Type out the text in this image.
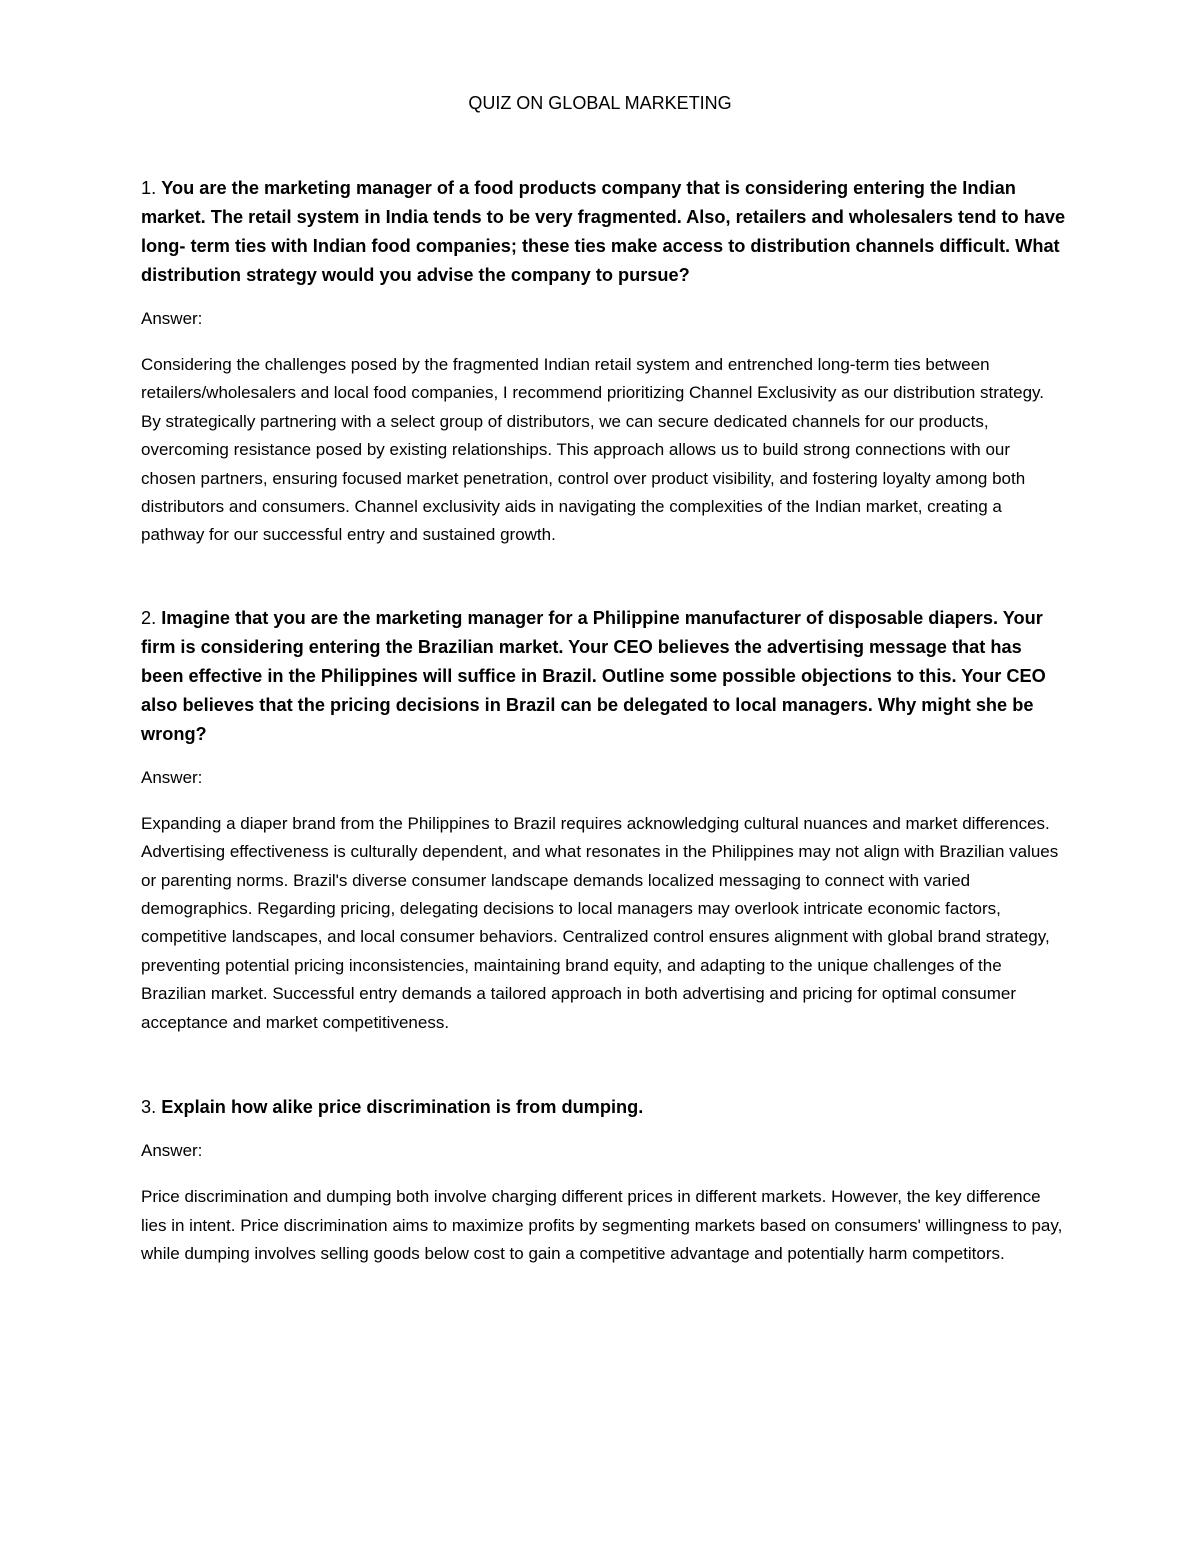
QUIZ ON GLOBAL MARKETING

1. You are the marketing manager of a food products company that is considering entering the Indian market. The retail system in India tends to be very fragmented. Also, retailers and wholesalers tend to have long- term ties with Indian food companies; these ties make access to distribution channels difficult. What distribution strategy would you advise the company to pursue?

Answer:

Considering the challenges posed by the fragmented Indian retail system and entrenched long-term ties between retailers/wholesalers and local food companies, I recommend prioritizing Channel Exclusivity as our distribution strategy. By strategically partnering with a select group of distributors, we can secure dedicated channels for our products, overcoming resistance posed by existing relationships. This approach allows us to build strong connections with our chosen partners, ensuring focused market penetration, control over product visibility, and fostering loyalty among both distributors and consumers. Channel exclusivity aids in navigating the complexities of the Indian market, creating a pathway for our successful entry and sustained growth.

2. Imagine that you are the marketing manager for a Philippine manufacturer of disposable diapers. Your firm is considering entering the Brazilian market. Your CEO believes the advertising message that has been effective in the Philippines will suffice in Brazil. Outline some possible objections to this. Your CEO also believes that the pricing decisions in Brazil can be delegated to local managers. Why might she be wrong?

Answer:

Expanding a diaper brand from the Philippines to Brazil requires acknowledging cultural nuances and market differences. Advertising effectiveness is culturally dependent, and what resonates in the Philippines may not align with Brazilian values or parenting norms. Brazil's diverse consumer landscape demands localized messaging to connect with varied demographics. Regarding pricing, delegating decisions to local managers may overlook intricate economic factors, competitive landscapes, and local consumer behaviors. Centralized control ensures alignment with global brand strategy, preventing potential pricing inconsistencies, maintaining brand equity, and adapting to the unique challenges of the Brazilian market. Successful entry demands a tailored approach in both advertising and pricing for optimal consumer acceptance and market competitiveness.

3. Explain how alike price discrimination is from dumping.

Answer:

Price discrimination and dumping both involve charging different prices in different markets. However, the key difference lies in intent. Price discrimination aims to maximize profits by segmenting markets based on consumers' willingness to pay, while dumping involves selling goods below cost to gain a competitive advantage and potentially harm competitors.
